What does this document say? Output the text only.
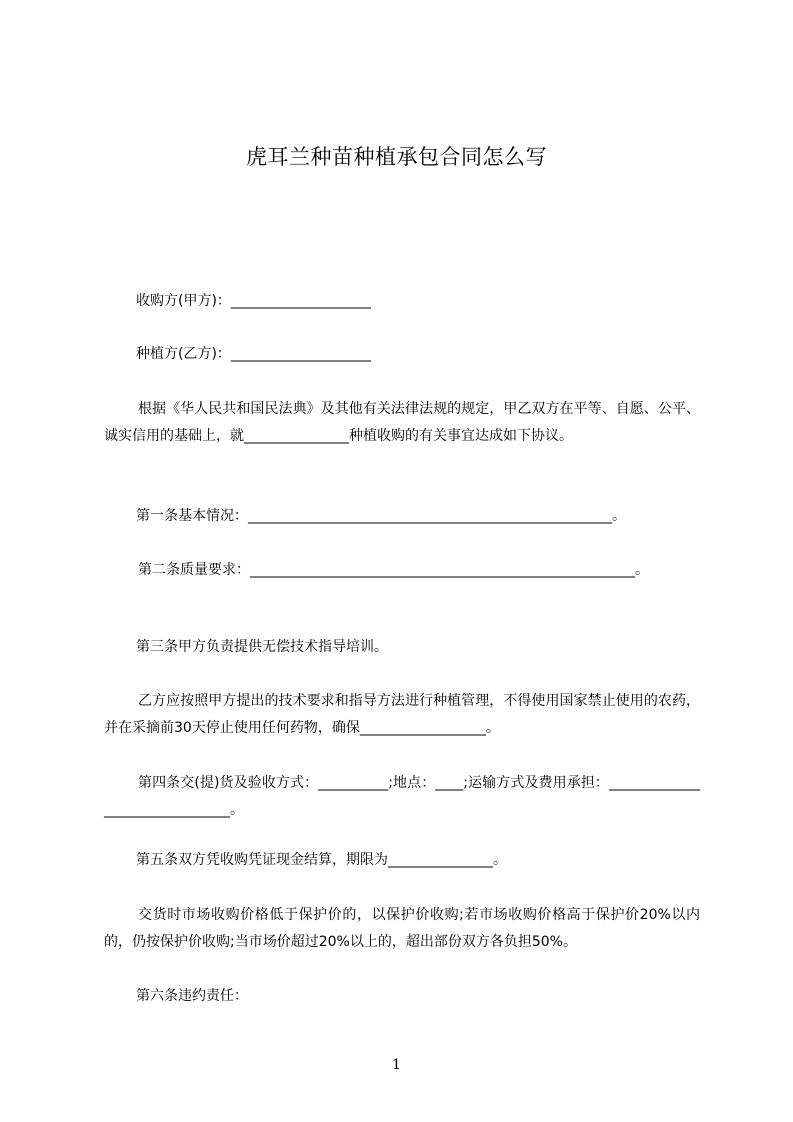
虎耳兰种苗种植承包合同怎么写

收购方(甲方)：____________________

种植方(乙方)：____________________

根据《华人民共和国民法典》及其他有关法律法规的规定，甲乙双方在平等、自愿、公平、诚实信用的基础上，就_______________种植收购的有关事宜达成如下协议。

第一条基本情况：____________________________________________________。

第二条质量要求：_______________________________________________________。

第三条甲方负责提供无偿技术指导培训。

乙方应按照甲方提出的技术要求和指导方法进行种植管理，不得使用国家禁止使用的农药，并在采摘前30天停止使用任何药物，确保__________________。

第四条交(提)货及验收方式：__________;地点：____;运输方式及费用承担：_______________________________。

第五条双方凭收购凭证现金结算，期限为_______________。

交货时市场收购价格低于保护价的，以保护价收购;若市场收购价格高于保护价20%以内的，仍按保护价收购;当市场价超过20%以上的，超出部份双方各负担50%。

第六条违约责任：

1
